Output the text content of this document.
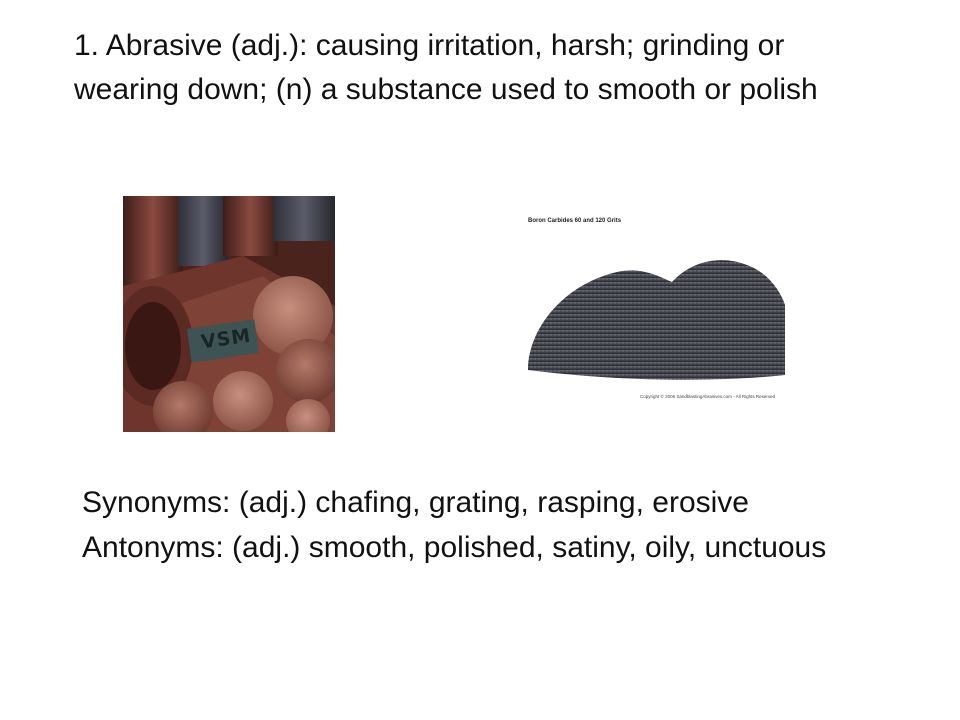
1. Abrasive (adj.): causing irritation, harsh; grinding or wearing down; (n) a substance used to smooth or polish

VSM

Boron Carbides 60 and 120 Grits

Copyright © 2006 SandblastingAbrasives.com - All Rights Reserved

Synonyms: (adj.) chafing, grating, rasping, erosive

Antonyms: (adj.) smooth, polished, satiny, oily, unctuous
